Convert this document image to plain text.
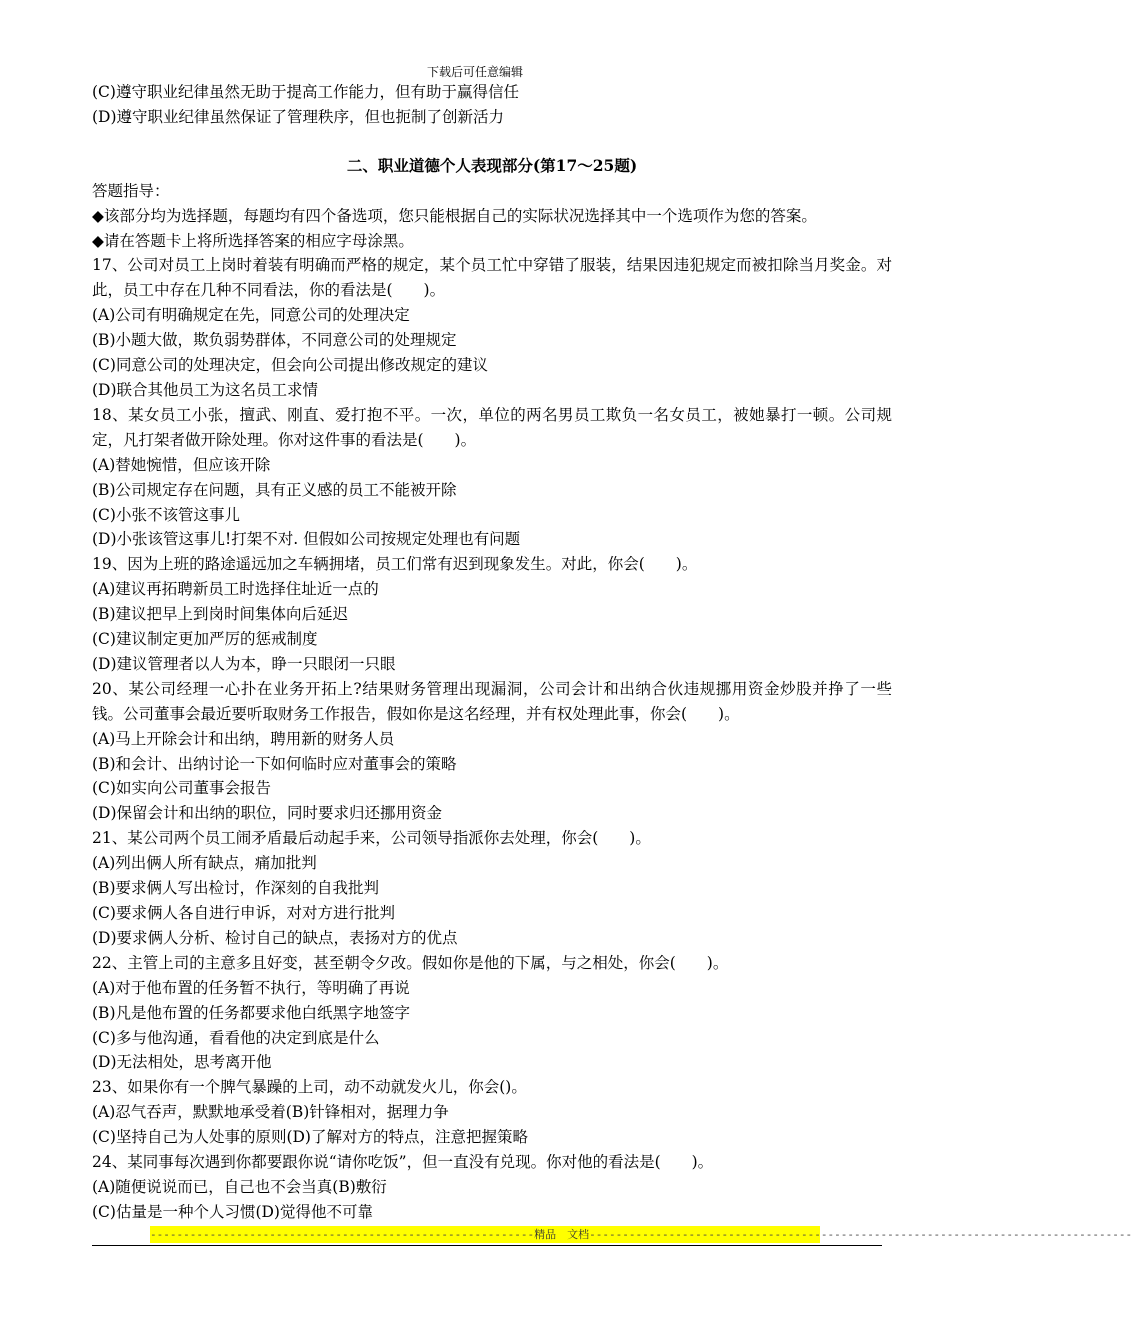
下载后可任意编辑
(C)遵守职业纪律虽然无助于提高工作能力，但有助于赢得信任
(D)遵守职业纪律虽然保证了管理秩序，但也扼制了创新活力
二、职业道德个人表现部分(第17～25题)
答题指导：
◆该部分均为选择题，每题均有四个备选项，您只能根据自己的实际状况选择其中一个选项作为您的答案。
◆请在答题卡上将所选择答案的相应字母涂黑。
17、公司对员工上岗时着装有明确而严格的规定，某个员工忙中穿错了服装，结果因违犯规定而被扣除当月奖金。对此，员工中存在几种不同看法，你的看法是(　　)。
(A)公司有明确规定在先，同意公司的处理决定
(B)小题大做，欺负弱势群体，不同意公司的处理规定
(C)同意公司的处理决定，但会向公司提出修改规定的建议
(D)联合其他员工为这名员工求情
18、某女员工小张，擅武、刚直、爱打抱不平。一次，单位的两名男员工欺负一名女员工，被她暴打一顿。公司规定，凡打架者做开除处理。你对这件事的看法是(　　)。
(A)替她惋惜，但应该开除
(B)公司规定存在问题，具有正义感的员工不能被开除
(C)小张不该管这事儿
(D)小张该管这事儿!打架不对. 但假如公司按规定处理也有问题
19、因为上班的路途遥远加之车辆拥堵，员工们常有迟到现象发生。对此，你会(　　)。
(A)建议再拓聘新员工时选择住址近一点的
(B)建议把早上到岗时间集体向后延迟
(C)建议制定更加严厉的惩戒制度
(D)建议管理者以人为本，睁一只眼闭一只眼
20、某公司经理一心扑在业务开拓上?结果财务管理出现漏洞，公司会计和出纳合伙违规挪用资金炒股并挣了一些钱。公司董事会最近要听取财务工作报告，假如你是这名经理，并有权处理此事，你会(　　)。
(A)马上开除会计和出纳，聘用新的财务人员
(B)和会计、出纳讨论一下如何临时应对董事会的策略
(C)如实向公司董事会报告
(D)保留会计和出纳的职位，同时要求归还挪用资金
21、某公司两个员工闹矛盾最后动起手来，公司领导指派你去处理，你会(　　)。
(A)列出俩人所有缺点，痛加批判
(B)要求俩人写出检讨，作深刻的自我批判
(C)要求俩人各自进行申诉，对对方进行批判
(D)要求俩人分析、检讨自己的缺点，表扬对方的优点
22、主管上司的主意多且好变，甚至朝令夕改。假如你是他的下属，与之相处，你会(　　)。
(A)对于他布置的任务暂不执行，等明确了再说
(B)凡是他布置的任务都要求他白纸黑字地签字
(C)多与他沟通，看看他的决定到底是什么
(D)无法相处，思考离开他
23、如果你有一个脾气暴躁的上司，动不动就发火儿，你会()。
(A)忍气吞声，默默地承受着(B)针锋相对，据理力争
(C)坚持自己为人处事的原则(D)了解对方的特点，注意把握策略
24、某同事每次遇到你都要跟你说“请你吃饭”，但一直没有兑现。你对他的看法是(　　)。
(A)随便说说而已，自己也不会当真(B)敷衍
(C)估量是一种个人习惯(D)觉得他不可靠
----------------------------------------------------------精品　文档----------------------------------------------------------------------------------
